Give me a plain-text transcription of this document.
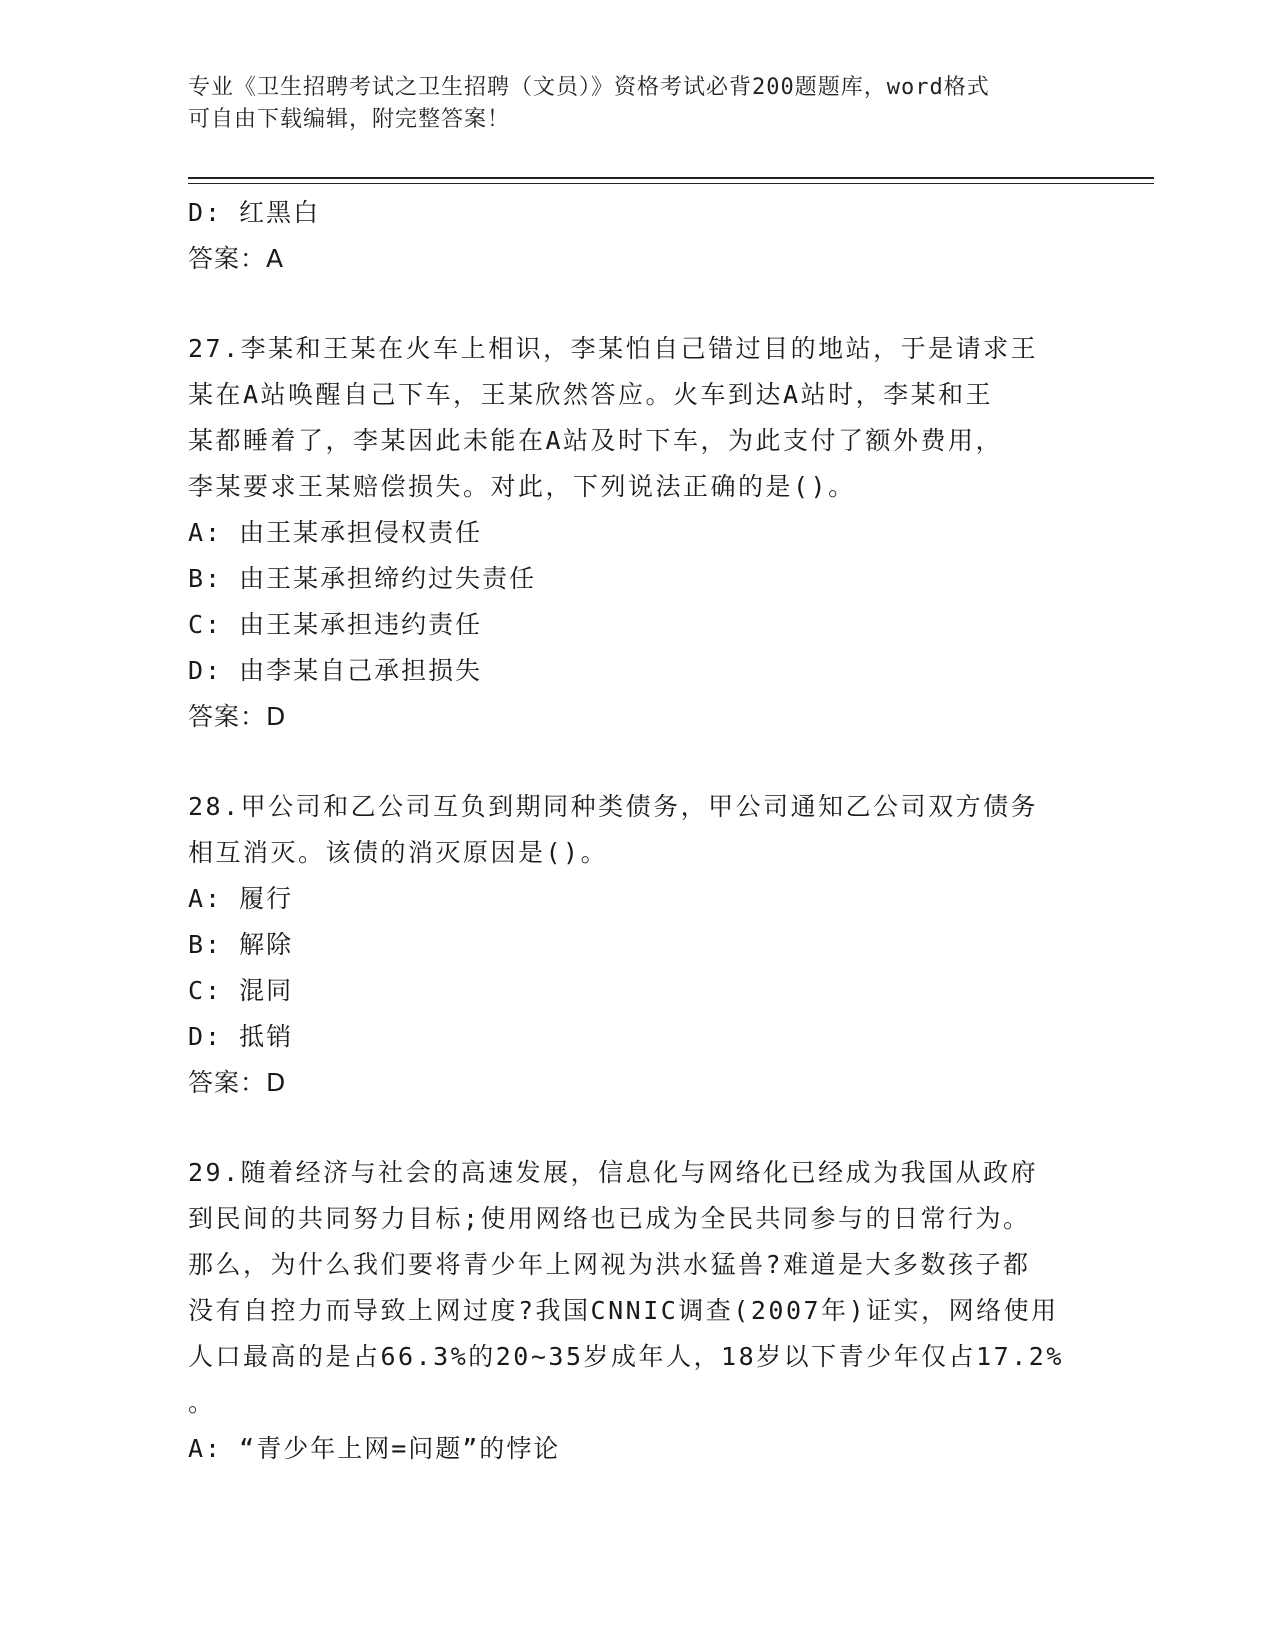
专业《卫生招聘考试之卫生招聘（文员）》资格考试必背200题题库，word格式
可自由下载编辑，附完整答案！
D: 红黑白
答案：A
27.李某和王某在火车上相识，李某怕自己错过目的地站，于是请求王
某在A站唤醒自己下车，王某欣然答应。火车到达A站时，李某和王
某都睡着了，李某因此未能在A站及时下车，为此支付了额外费用，
李某要求王某赔偿损失。对此，下列说法正确的是()。
A: 由王某承担侵权责任
B: 由王某承担缔约过失责任
C: 由王某承担违约责任
D: 由李某自己承担损失
答案：D
28.甲公司和乙公司互负到期同种类债务，甲公司通知乙公司双方债务
相互消灭。该债的消灭原因是()。
A: 履行
B: 解除
C: 混同
D: 抵销
答案：D
29.随着经济与社会的高速发展，信息化与网络化已经成为我国从政府
到民间的共同努力目标;使用网络也已成为全民共同参与的日常行为。
那么，为什么我们要将青少年上网视为洪水猛兽?难道是大多数孩子都
没有自控力而导致上网过度?我国CNNIC调查(2007年)证实，网络使用
人口最高的是占66.3%的20~35岁成年人，18岁以下青少年仅占17.2%
。
A: “青少年上网=问题”的悖论
